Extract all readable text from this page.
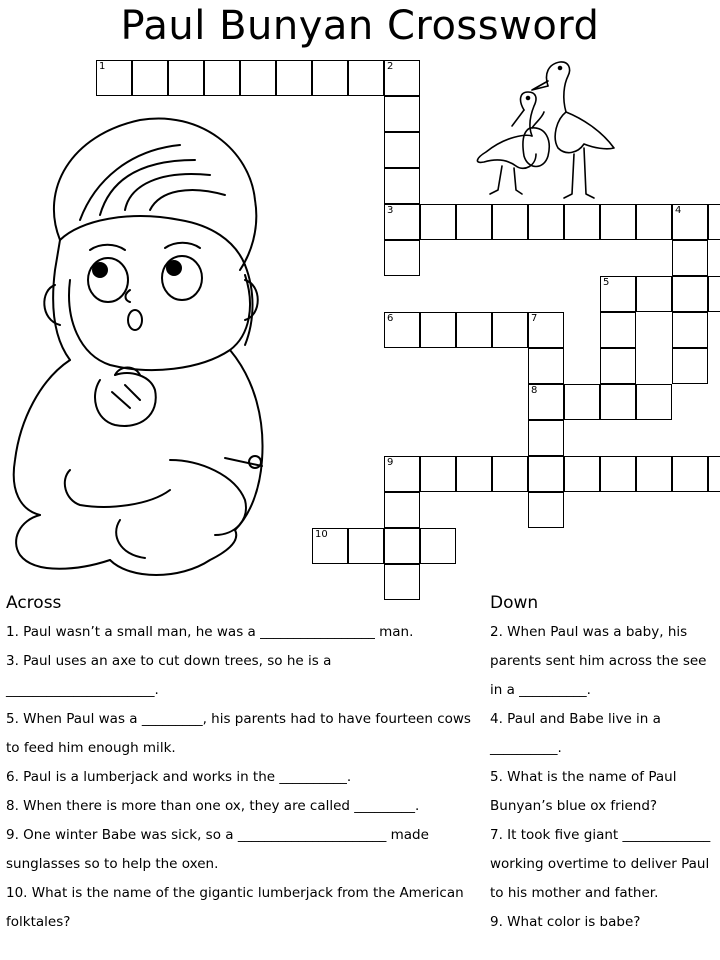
Paul Bunyan Crossword
1	2
3	4
5
6	7
8
9
10
Across	Down

1. Paul wasn’t a small man, he was a _________________ man.

3. Paul uses an axe to cut down trees, so he is a ______________________.

5. When Paul was a _________, his parents had to have fourteen cows to feed him enough milk.

6. Paul is a lumberjack and works in the __________.

8. When there is more than one ox, they are called _________.

9. One winter Babe was sick, so a ______________________ made sunglasses so to help the oxen.

10. What is the name of the gigantic lumberjack from the American folktales?

2. When Paul was a baby, his parents sent him across the see in a __________.

4. Paul and Babe live in a __________.

5. What is the name of Paul Bunyan’s blue ox friend?

7. It took five giant _____________ working overtime to deliver Paul to his mother and father.

9. What color is babe?
